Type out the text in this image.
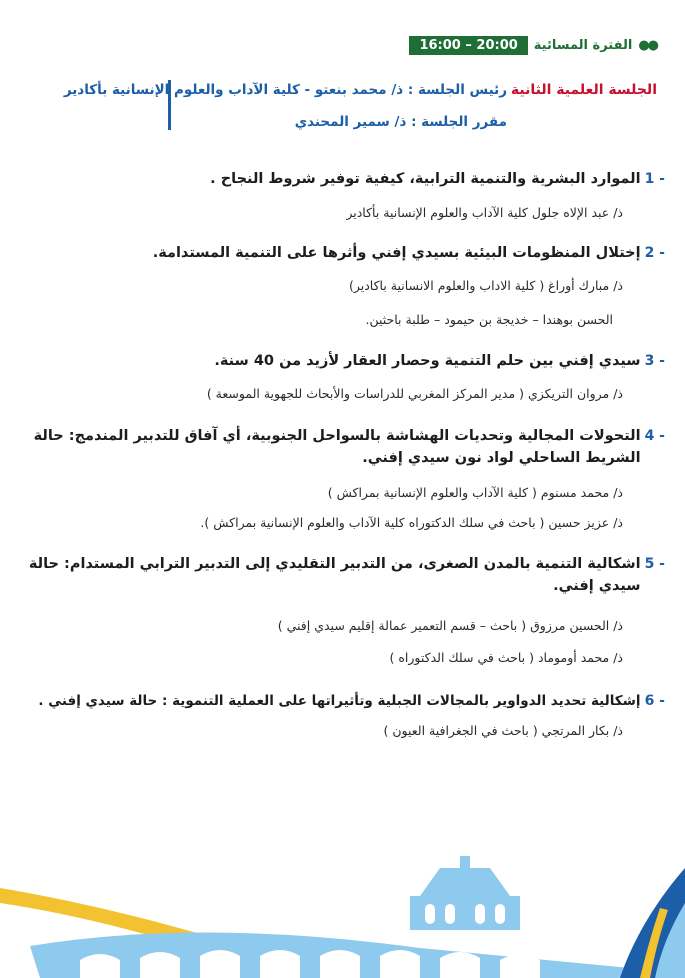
●●
الفترة المسائية
16:00 – 20:00
الجلسة العلمية الثانية
رئيس الجلسة : ذ/ محمد بنعتو - كلية الآداب والعلوم الإنسانية بأكادير
مقرر الجلسة : ذ/ سمير المحندي
1 -
الموارد البشرية والتنمية الترابية، كيفية توفير شروط النجاح .
ذ/ عبد الإلاه جلول كلية الآداب والعلوم الإنسانية بأكادير
2 -
إختلال المنظومات البيئية بسيدي إفني وأثرها على التنمية المستدامة.
ذ/ مبارك أوراغ ( كلية الاداب والعلوم الانسانية باكادير)
الحسن بوهندا – خديجة بن حيمود – طلبة باحثين.
3 -
سيدي إفني بين حلم التنمية وحصار العقار لأزيد من 40 سنة.
ذ/ مروان التريكزي ( مدير المركز المغربي للدراسات والأبحاث للجهوية الموسعة )
4 -
التحولات المجالية وتحديات الهشاشة بالسواحل الجنوبية، أي آفاق للتدبير المندمج: حالة الشريط الساحلي لواد نون سيدي إفني.
ذ/ محمد مسنوم ( كلية الآداب والعلوم الإنسانية بمراكش )
ذ/ عزيز حسين ( باحث في سلك الدكتوراه كلية الآداب والعلوم الإنسانية بمراكش ).
5 -
اشكالية التنمية بالمدن الصغرى، من التدبير التقليدي إلى التدبير الترابي المستدام: حالة سيدي إفني.
ذ/ الحسين مرزوق ( باحث – قسم التعمير عمالة إقليم سيدي إفني )
ذ/ محمد أوموماد ( باحث في سلك الدكتوراه )
6 -
إشكالية تحديد الدواوير بالمجالات الجبلية وتأثيراتها على العملية التنموية : حالة سيدي إفني .
ذ/ بكار المرتجي ( باحث في الجغرافية العيون )
